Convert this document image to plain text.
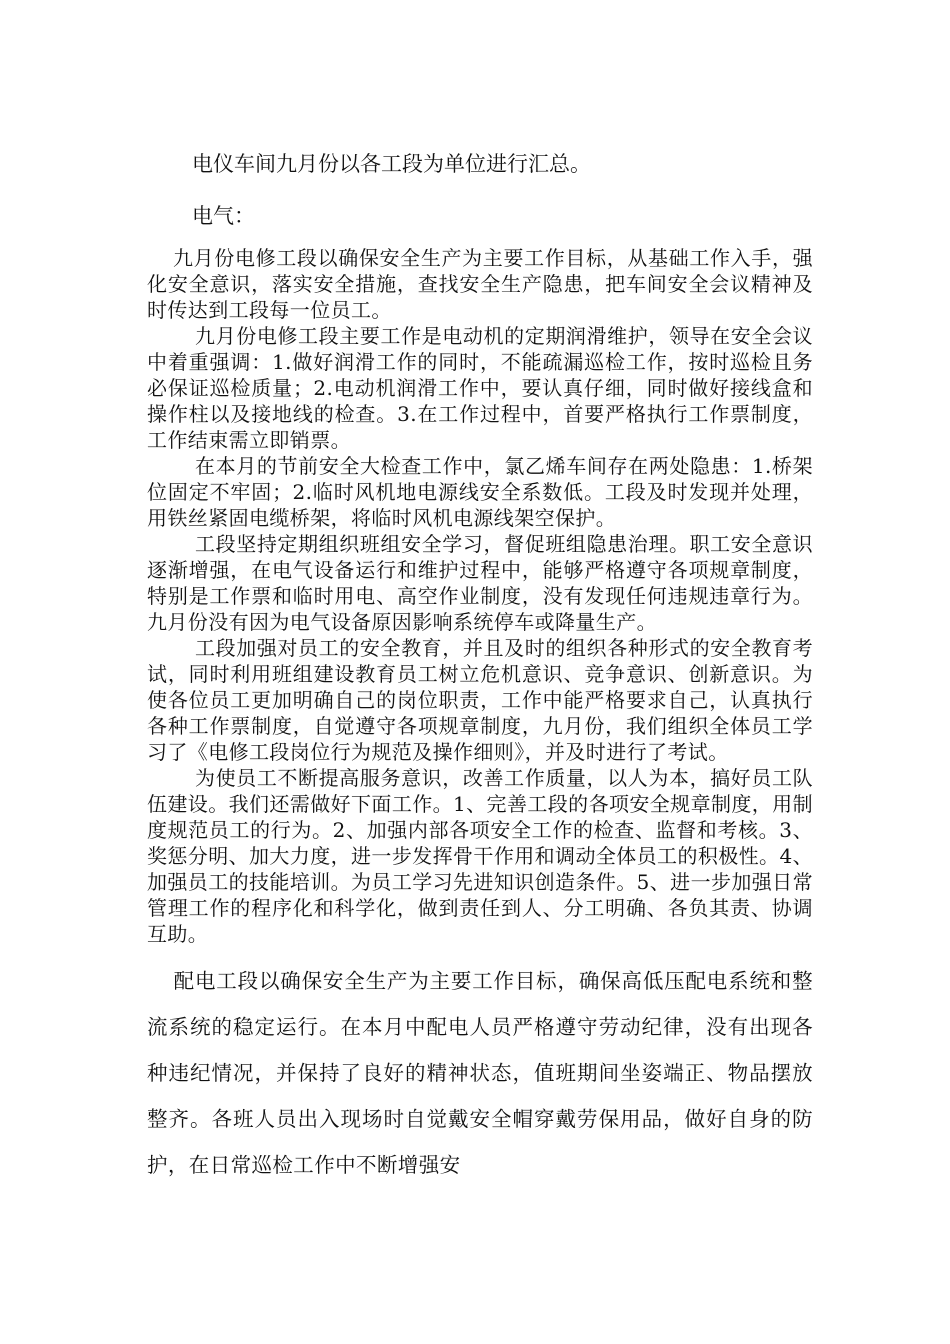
电仪车间九月份以各工段为单位进行汇总。
电气：

九月份电修工段以确保安全生产为主要工作目标，从基础工作入手，强化安全意识，落实安全措施，查找安全生产隐患，把车间安全会议精神及时传达到工段每一位员工。

九月份电修工段主要工作是电动机的定期润滑维护，领导在安全会议中着重强调：1.做好润滑工作的同时，不能疏漏巡检工作，按时巡检且务必保证巡检质量；2.电动机润滑工作中，要认真仔细，同时做好接线盒和操作柱以及接地线的检查。3.在工作过程中，首要严格执行工作票制度，工作结束需立即销票。

在本月的节前安全大检查工作中，氯乙烯车间存在两处隐患：1.桥架位固定不牢固；2.临时风机地电源线安全系数低。工段及时发现并处理，用铁丝紧固电缆桥架，将临时风机电源线架空保护。

工段坚持定期组织班组安全学习，督促班组隐患治理。职工安全意识逐渐增强，在电气设备运行和维护过程中，能够严格遵守各项规章制度，特别是工作票和临时用电、高空作业制度，没有发现任何违规违章行为。九月份没有因为电气设备原因影响系统停车或降量生产。

工段加强对员工的安全教育，并且及时的组织各种形式的安全教育考试，同时利用班组建设教育员工树立危机意识、竞争意识、创新意识。为使各位员工更加明确自己的岗位职责，工作中能严格要求自己，认真执行各种工作票制度，自觉遵守各项规章制度，九月份，我们组织全体员工学习了《电修工段岗位行为规范及操作细则》，并及时进行了考试。

为使员工不断提高服务意识，改善工作质量，以人为本，搞好员工队伍建设。我们还需做好下面工作。1、完善工段的各项安全规章制度，用制度规范员工的行为。2、加强内部各项安全工作的检查、监督和考核。3、奖惩分明、加大力度，进一步发挥骨干作用和调动全体员工的积极性。4、加强员工的技能培训。为员工学习先进知识创造条件。5、进一步加强日常管理工作的程序化和科学化，做到责任到人、分工明确、各负其责、协调互助。

配电工段以确保安全生产为主要工作目标，确保高低压配电系统和整流系统的稳定运行。在本月中配电人员严格遵守劳动纪律，没有出现各种违纪情况，并保持了良好的精神状态，值班期间坐姿端正、物品摆放整齐。各班人员出入现场时自觉戴安全帽穿戴劳保用品，做好自身的防护，在日常巡检工作中不断增强安
